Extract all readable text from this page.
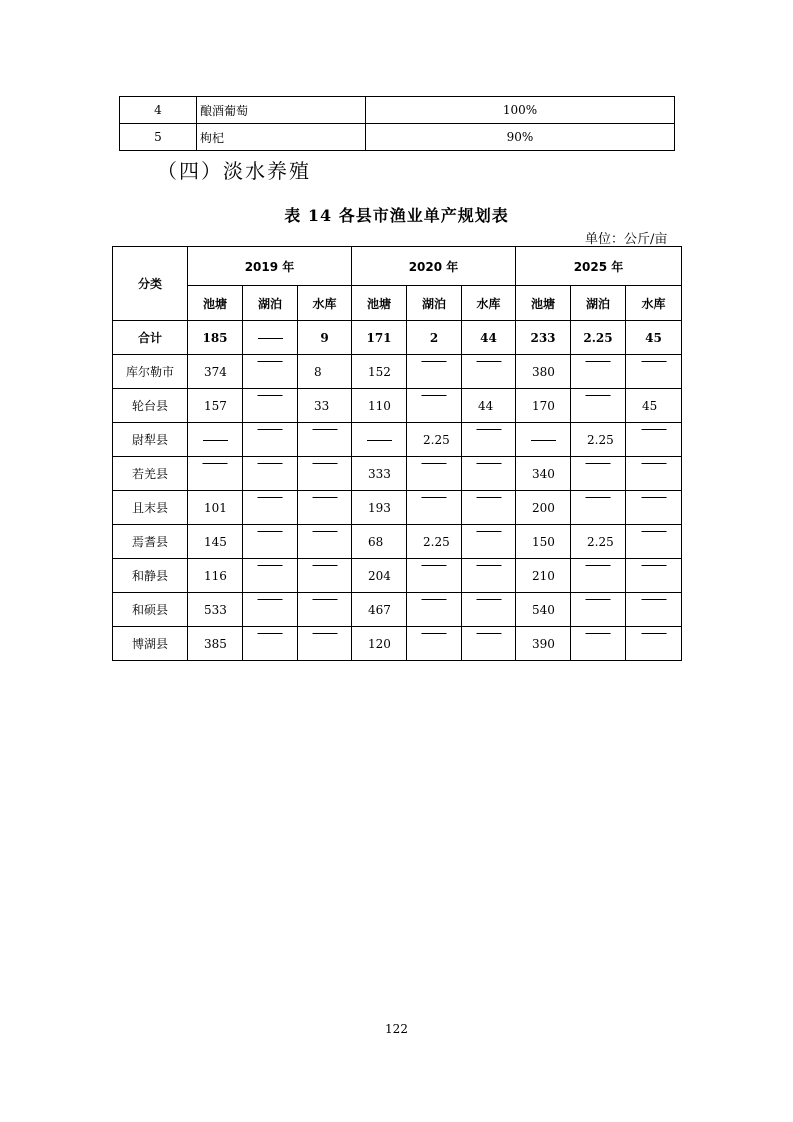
4	酿酒葡萄	100%
5	枸杞	90%
（四）淡水养殖
表 14 各县市渔业单产规划表
单位：公斤/亩
分类	2019 年			2020 年			2025 年		
	池塘	湖泊	水库	池塘	湖泊	水库	池塘	湖泊	水库
合计	185		9	171	2	44	233	2.25	45
库尔勒市	374		8	152			380	

轮台县	157		33	110		44	170		45
尉犁县					2.25			2.25	

若羌县				333			340	

且末县	101			193			200	

焉耆县	145			68	2.25		150	2.25	

和静县	116			204			210	

和硕县	533			467			540	

博湖县	385			120			390	

122
